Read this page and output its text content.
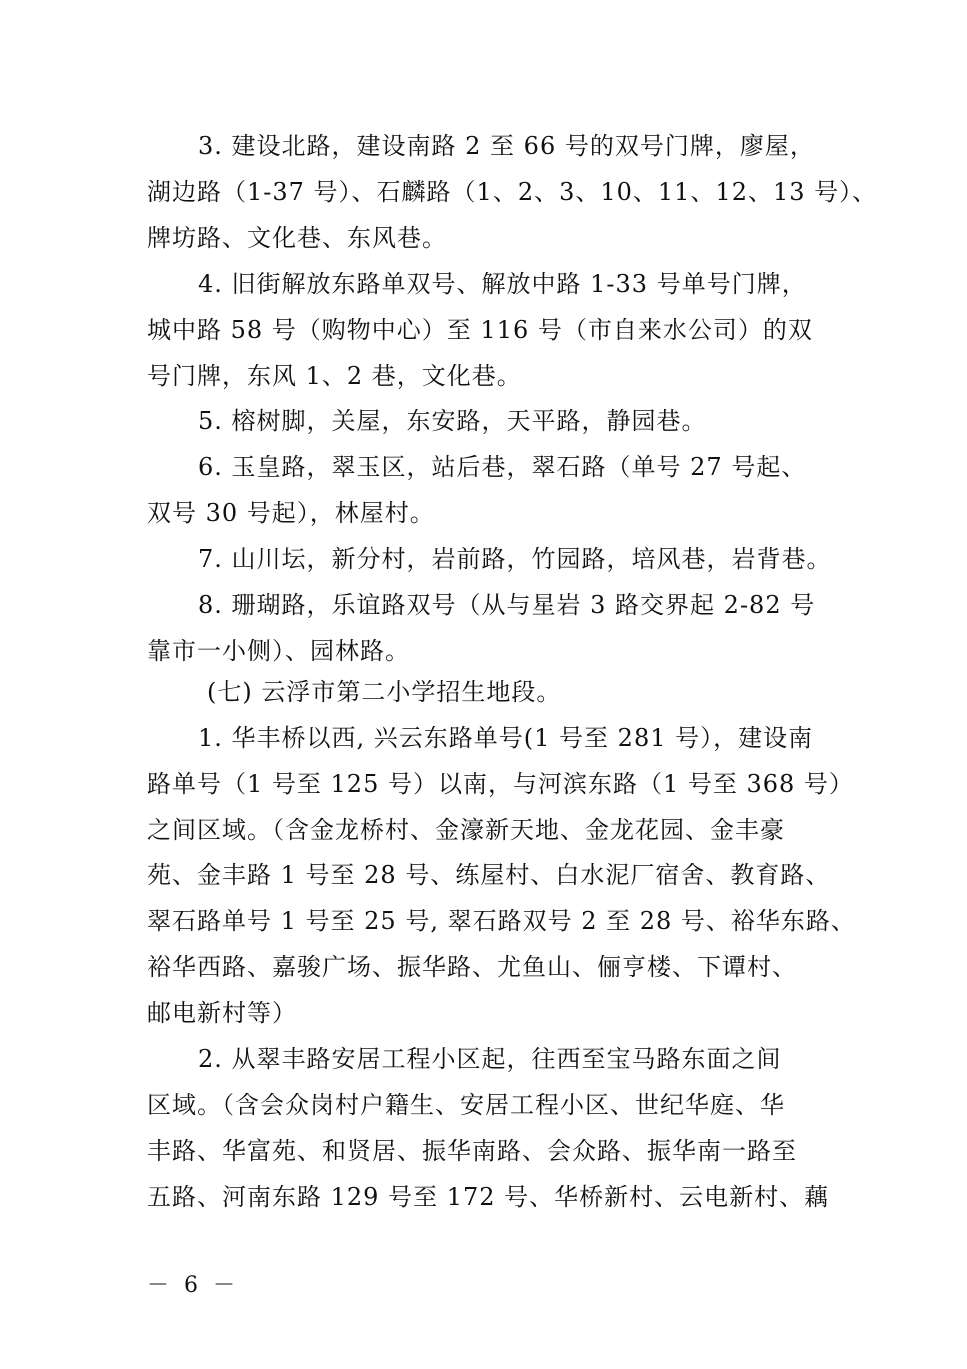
3. 建设北路，建设南路 2 至 66 号的双号门牌，廖屋，
湖边路（1-37 号）、石麟路（1、2、3、10、11、12、13 号）、
牌坊路、文化巷、东风巷。
4. 旧街解放东路单双号、解放中路 1-33 号单号门牌，
城中路 58 号（购物中心）至 116 号（市自来水公司）的双
号门牌，东风 1、2 巷，文化巷。
5. 榕树脚，关屋，东安路，天平路，静园巷。
6. 玉皇路，翠玉区，站后巷，翠石路（单号 27 号起、
双号 30 号起），林屋村。
7. 山川坛，新分村，岩前路，竹园路，培风巷，岩背巷。
8. 珊瑚路，乐谊路双号（从与星岩 3 路交界起 2-82 号
靠市一小侧）、园林路。
(七) 云浮市第二小学招生地段。
1. 华丰桥以西, 兴云东路单号(1 号至 281 号），建设南
路单号（1 号至 125 号）以南，与河滨东路（1 号至 368 号）
之间区域。（含金龙桥村、金濠新天地、金龙花园、金丰豪
苑、金丰路 1 号至 28 号、练屋村、白水泥厂宿舍、教育路、
翠石路单号 1 号至 25 号, 翠石路双号 2 至 28 号、裕华东路、
裕华西路、嘉骏广场、振华路、尤鱼山、俪亨楼、下谭村、
邮电新村等）
2. 从翠丰路安居工程小区起，往西至宝马路东面之间
区域。（含会众岗村户籍生、安居工程小区、世纪华庭、华
丰路、华富苑、和贤居、振华南路、会众路、振华南一路至
五路、河南东路 129 号至 172 号、华桥新村、云电新村、藕
－ 6 －
